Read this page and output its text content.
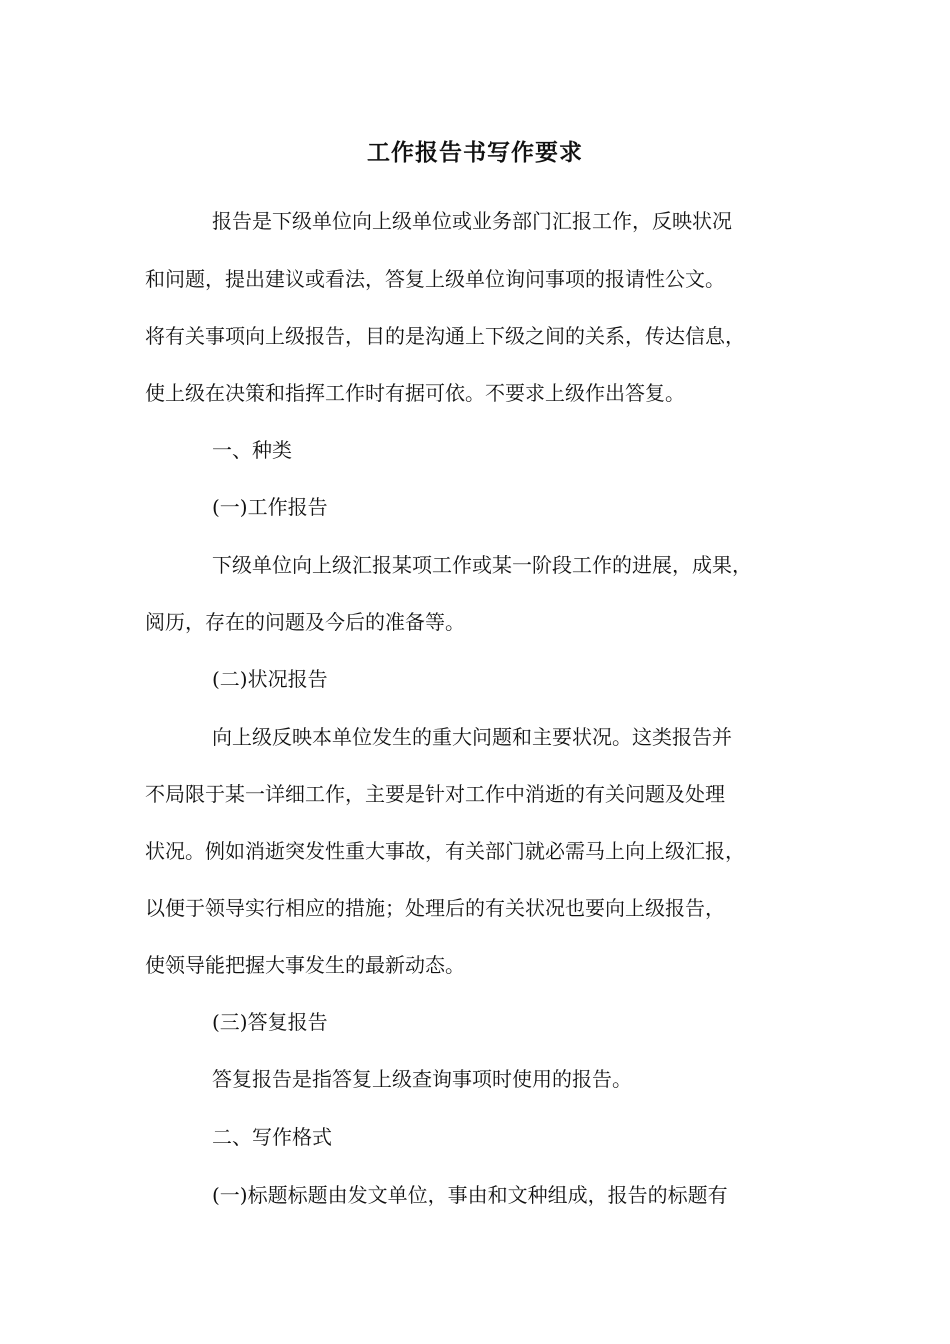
工作报告书写作要求
报告是下级单位向上级单位或业务部门汇报工作，反映状况
和问题，提出建议或看法，答复上级单位询问事项的报请性公文。
将有关事项向上级报告，目的是沟通上下级之间的关系，传达信息，
使上级在决策和指挥工作时有据可依。不要求上级作出答复。
一、种类
(一)工作报告
下级单位向上级汇报某项工作或某一阶段工作的进展，成果，
阅历，存在的问题及今后的准备等。
(二)状况报告
向上级反映本单位发生的重大问题和主要状况。这类报告并
不局限于某一详细工作，主要是针对工作中消逝的有关问题及处理
状况。例如消逝突发性重大事故，有关部门就必需马上向上级汇报，
以便于领导实行相应的措施；处理后的有关状况也要向上级报告，
使领导能把握大事发生的最新动态。
(三)答复报告
答复报告是指答复上级查询事项时使用的报告。
二、写作格式
(一)标题标题由发文单位，事由和文种组成，报告的标题有
